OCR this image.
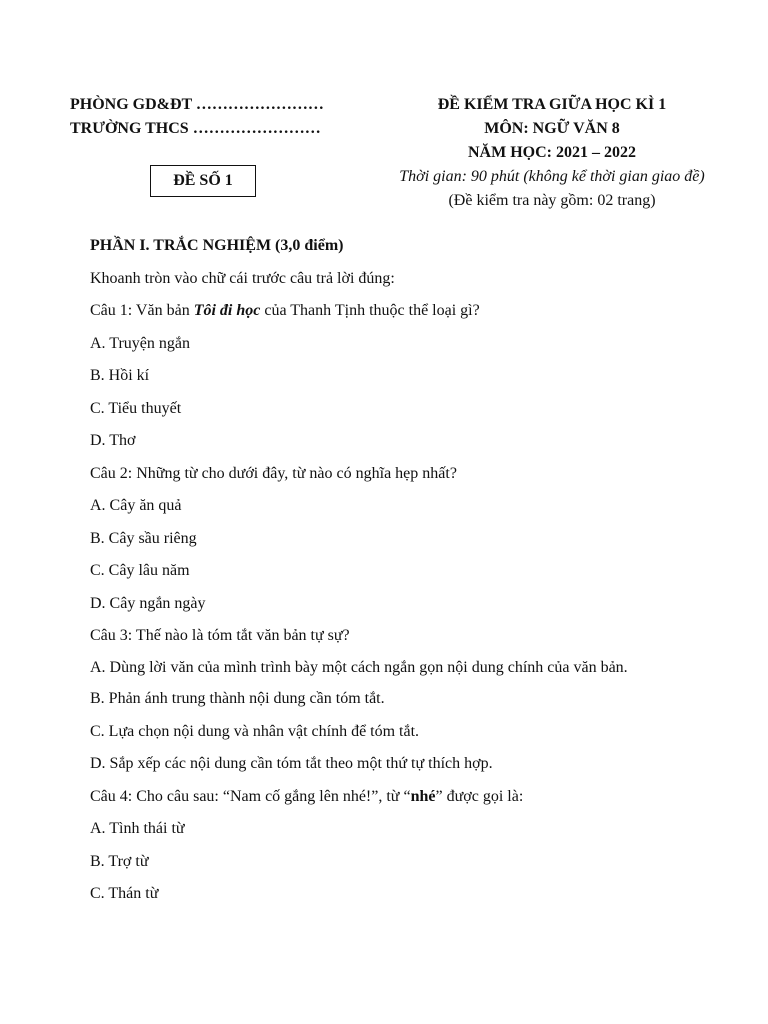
PHÒNG GD&ĐT ……………………
TRƯỜNG THCS ……………………
ĐỀ KIỂM TRA GIỮA HỌC KÌ 1
MÔN: NGỮ VĂN 8
NĂM HỌC: 2021 – 2022
Thời gian: 90 phút (không kể thời gian giao đề)
(Đề kiểm tra này gồm: 02 trang)
ĐỀ SỐ 1
PHẦN I. TRẮC NGHIỆM (3,0 điểm)
Khoanh tròn vào chữ cái trước câu trả lời đúng:
Câu 1: Văn bản Tôi đi học của Thanh Tịnh thuộc thể loại gì?
A. Truyện ngắn
B. Hồi kí
C. Tiểu thuyết
D. Thơ
Câu 2: Những từ cho dưới đây, từ nào có nghĩa hẹp nhất?
A. Cây ăn quả
B. Cây sầu riêng
C. Cây lâu năm
D. Cây ngắn ngày
Câu 3: Thế nào là tóm tắt văn bản tự sự?
A. Dùng lời văn của mình trình bày một cách ngắn gọn nội dung chính của văn bản.
B. Phản ánh trung thành nội dung cần tóm tắt.
C. Lựa chọn nội dung và nhân vật chính để tóm tắt.
D. Sắp xếp các nội dung cần tóm tắt theo một thứ tự thích hợp.
Câu 4: Cho câu sau: “Nam cố gắng lên nhé!”, từ “nhé” được gọi là:
A. Tình thái từ
B. Trợ từ
C. Thán từ
